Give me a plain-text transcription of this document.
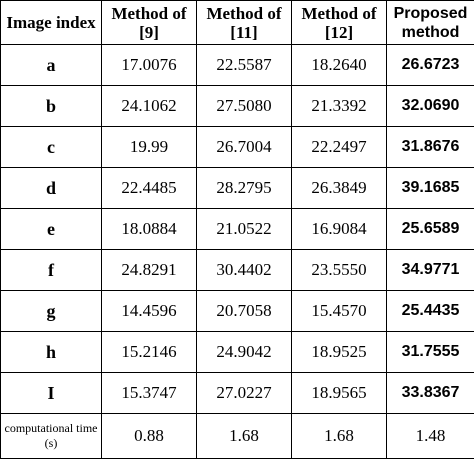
Image index	Method of [9]	Method of [11]	Method of [12]	Proposed method
a	17.0076	22.5587	18.2640	26.6723
b	24.1062	27.5080	21.3392	32.0690
c	19.99	26.7004	22.2497	31.8676
d	22.4485	28.2795	26.3849	39.1685
e	18.0884	21.0522	16.9084	25.6589
f	24.8291	30.4402	23.5550	34.9771
g	14.4596	20.7058	15.4570	25.4435
h	15.2146	24.9042	18.9525	31.7555
I	15.3747	27.0227	18.9565	33.8367
computational time (s)	0.88	1.68	1.68	1.48
